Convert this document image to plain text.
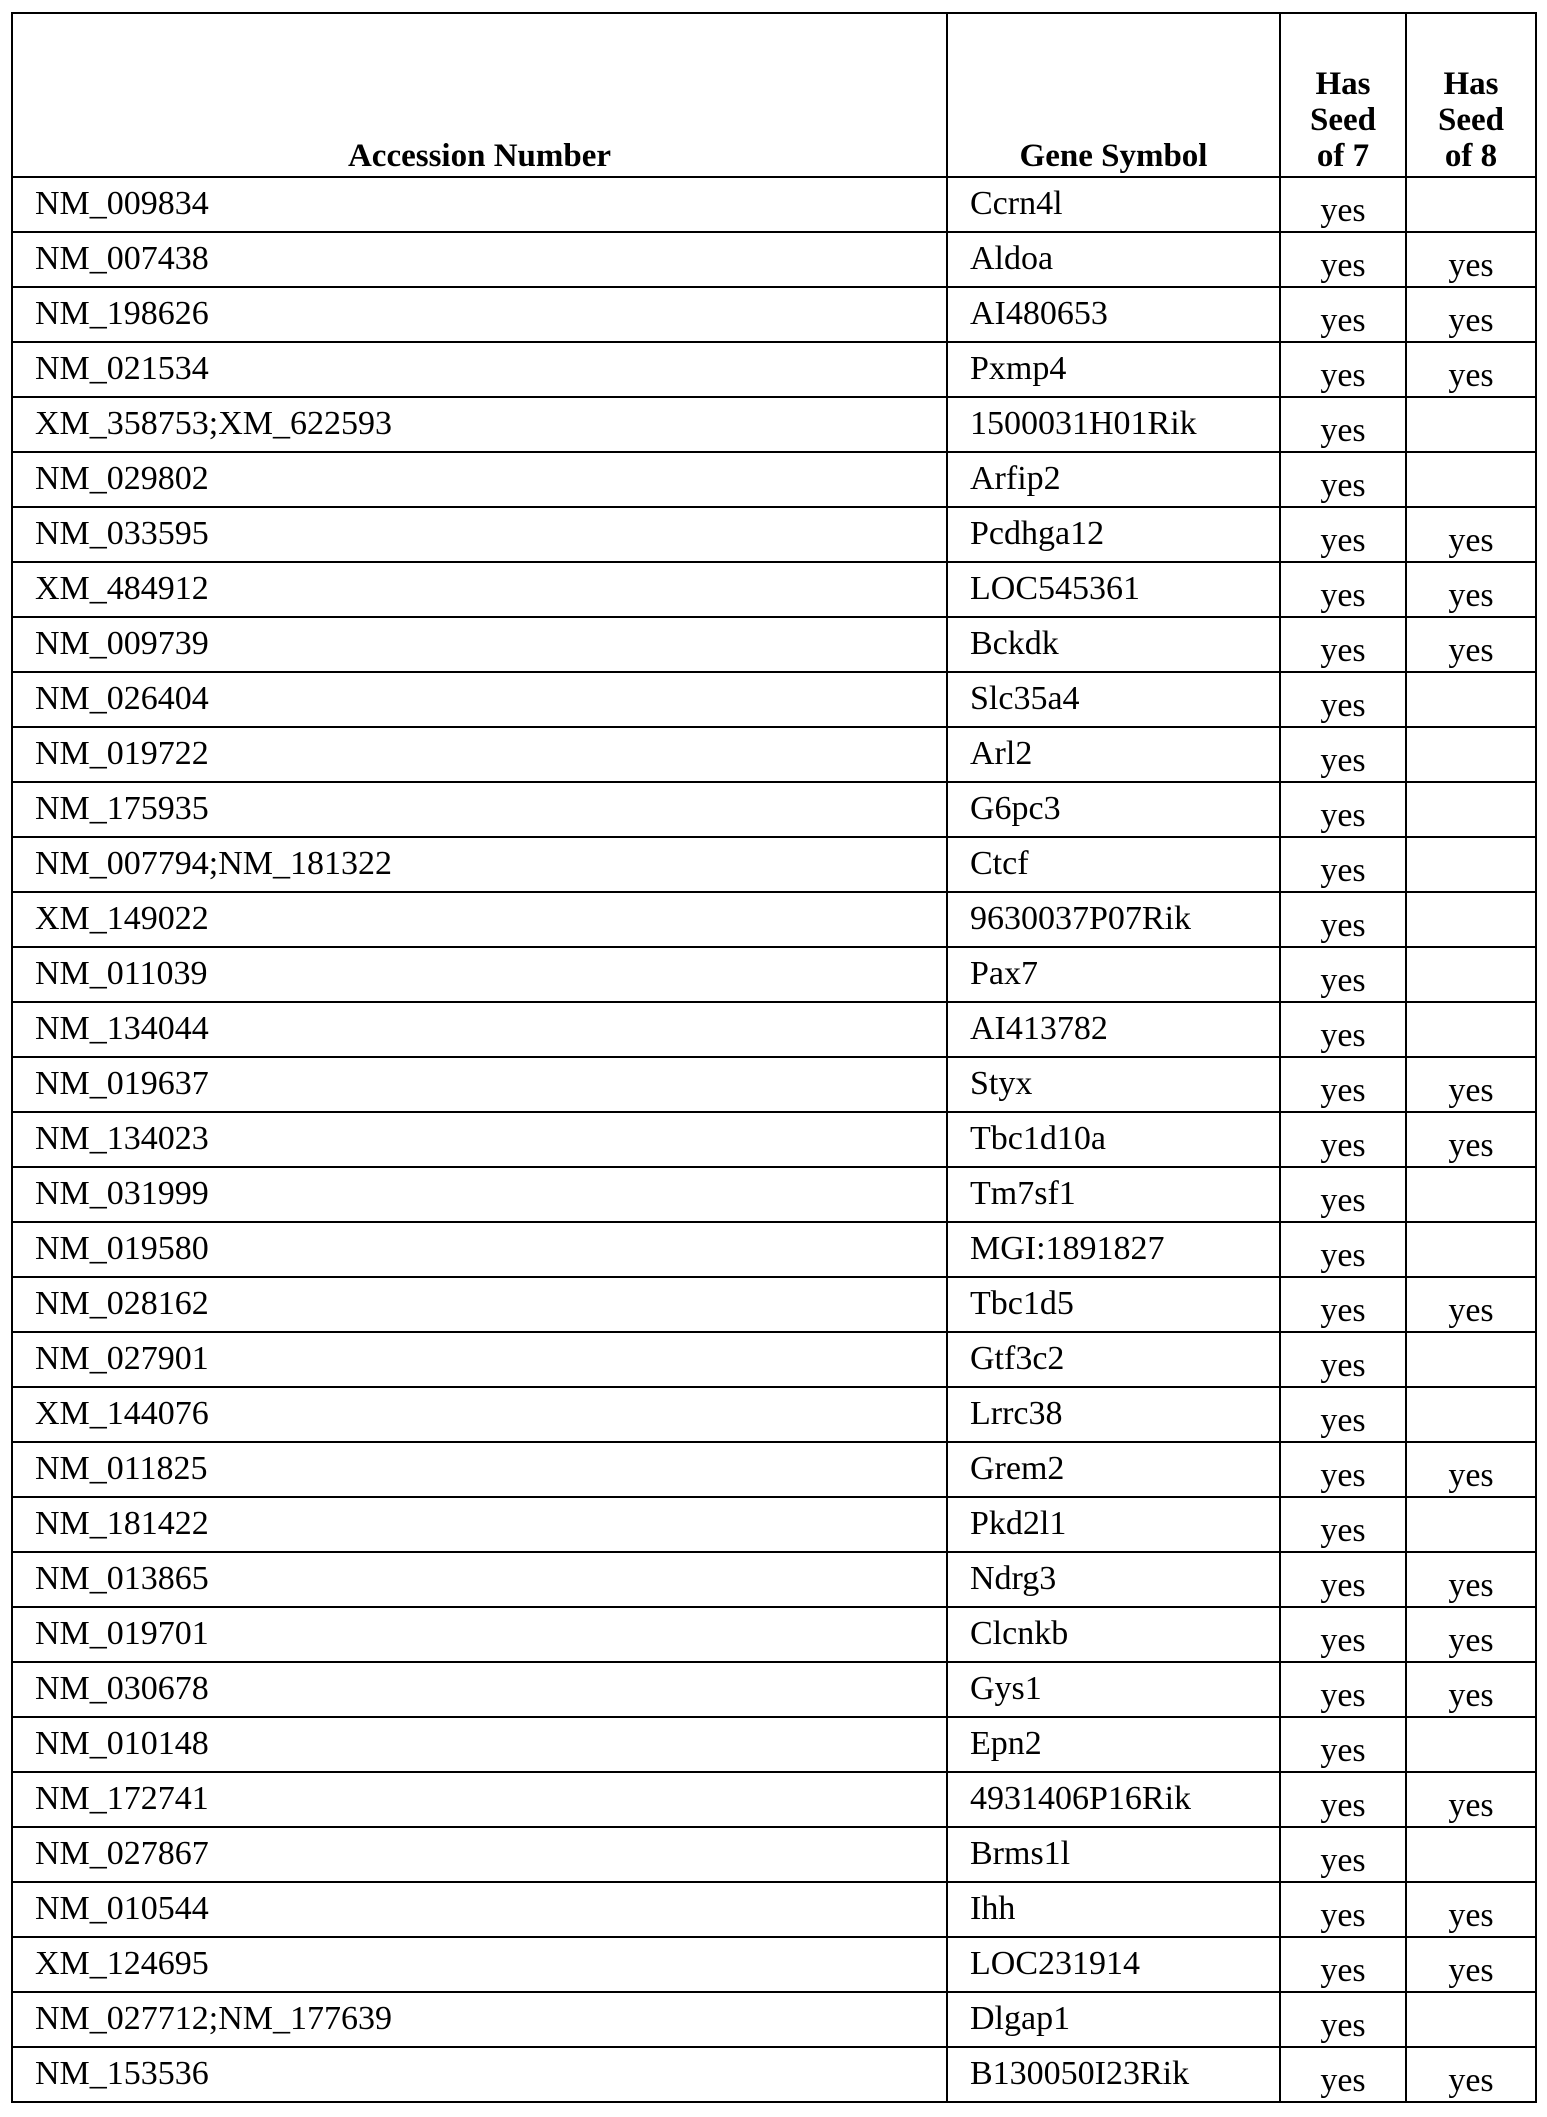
Accession Number	Gene Symbol	Has
Seed
of 7	Has
Seed
of 8

NM_009834	Ccrn4l	yes	
NM_007438	Aldoa	yes	yes
NM_198626	AI480653	yes	yes
NM_021534	Pxmp4	yes	yes
XM_358753;XM_622593	1500031H01Rik	yes	
NM_029802	Arfip2	yes	
NM_033595	Pcdhga12	yes	yes
XM_484912	LOC545361	yes	yes
NM_009739	Bckdk	yes	yes
NM_026404	Slc35a4	yes	
NM_019722	Arl2	yes	
NM_175935	G6pc3	yes	
NM_007794;NM_181322	Ctcf	yes	
XM_149022	9630037P07Rik	yes	
NM_011039	Pax7	yes	
NM_134044	AI413782	yes	
NM_019637	Styx	yes	yes
NM_134023	Tbc1d10a	yes	yes
NM_031999	Tm7sf1	yes	
NM_019580	MGI:1891827	yes	
NM_028162	Tbc1d5	yes	yes
NM_027901	Gtf3c2	yes	
XM_144076	Lrrc38	yes	
NM_011825	Grem2	yes	yes
NM_181422	Pkd2l1	yes	
NM_013865	Ndrg3	yes	yes
NM_019701	Clcnkb	yes	yes
NM_030678	Gys1	yes	yes
NM_010148	Epn2	yes	
NM_172741	4931406P16Rik	yes	yes
NM_027867	Brms1l	yes	
NM_010544	Ihh	yes	yes
XM_124695	LOC231914	yes	yes
NM_027712;NM_177639	Dlgap1	yes	
NM_153536	B130050I23Rik	yes	yes
